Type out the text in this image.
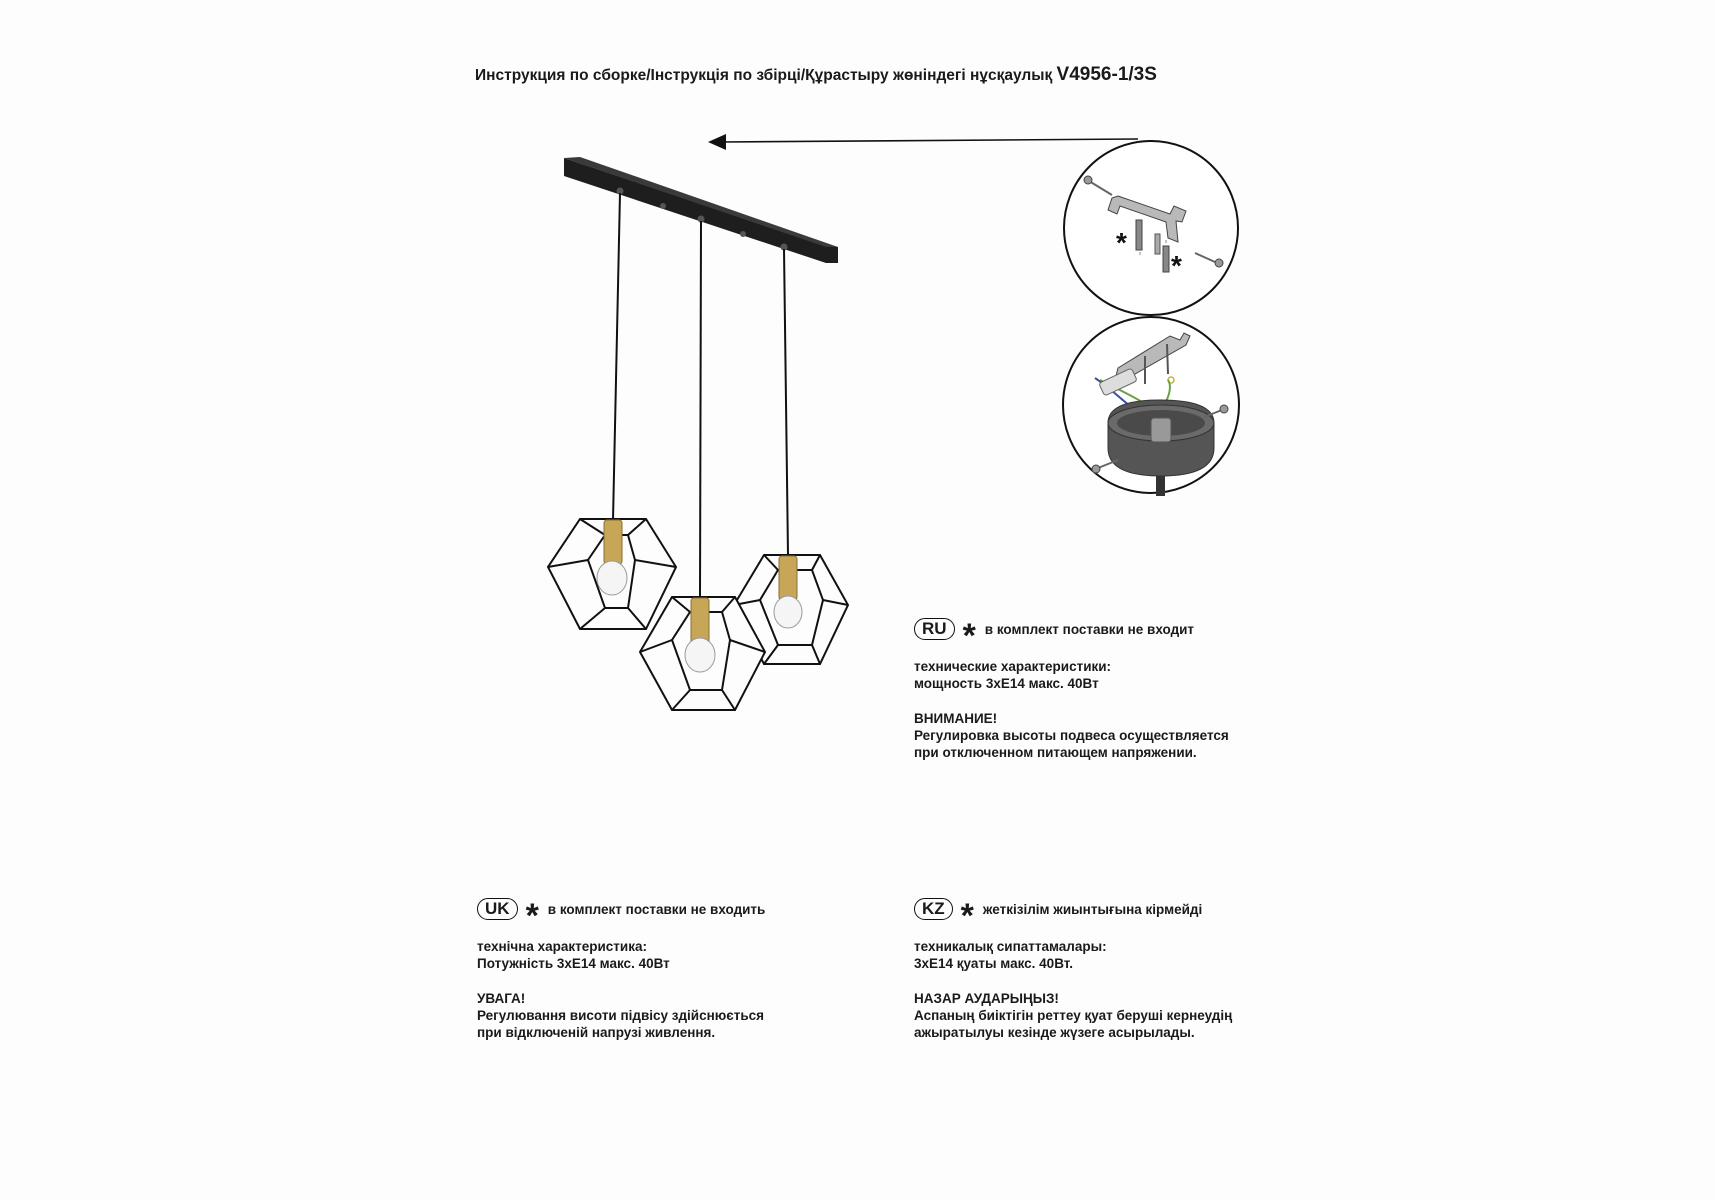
Инструкция по сборке/Інструкція по збірці/Құрастыру жөніндегі нұсқаулық V4956-1/3S
*
*
RU * в комплект поставки не входит

технические характеристики:

мощность 3хЕ14 макс. 40Вт

ВНИМАНИЕ!

Регулировка высоты подвеса осуществляется

при отключенном питающем напряжении.

UK * в комплект поставки не входить

технічна характеристика:

Потужність 3хЕ14 макс. 40Вт

УВАГА!

Регулювання висоти підвісу здійснюється

при відключеній напрузі живлення.

KZ * жеткізілім жиынтығына кірмейді

техникалық сипаттамалары:

3хЕ14 қуаты макс. 40Вт.

НАЗАР АУДАРЫҢЫЗ!

Аспаның биіктігін реттеу қуат беруші кернеудің

ажыратылуы кезінде жүзеге асырылады.
